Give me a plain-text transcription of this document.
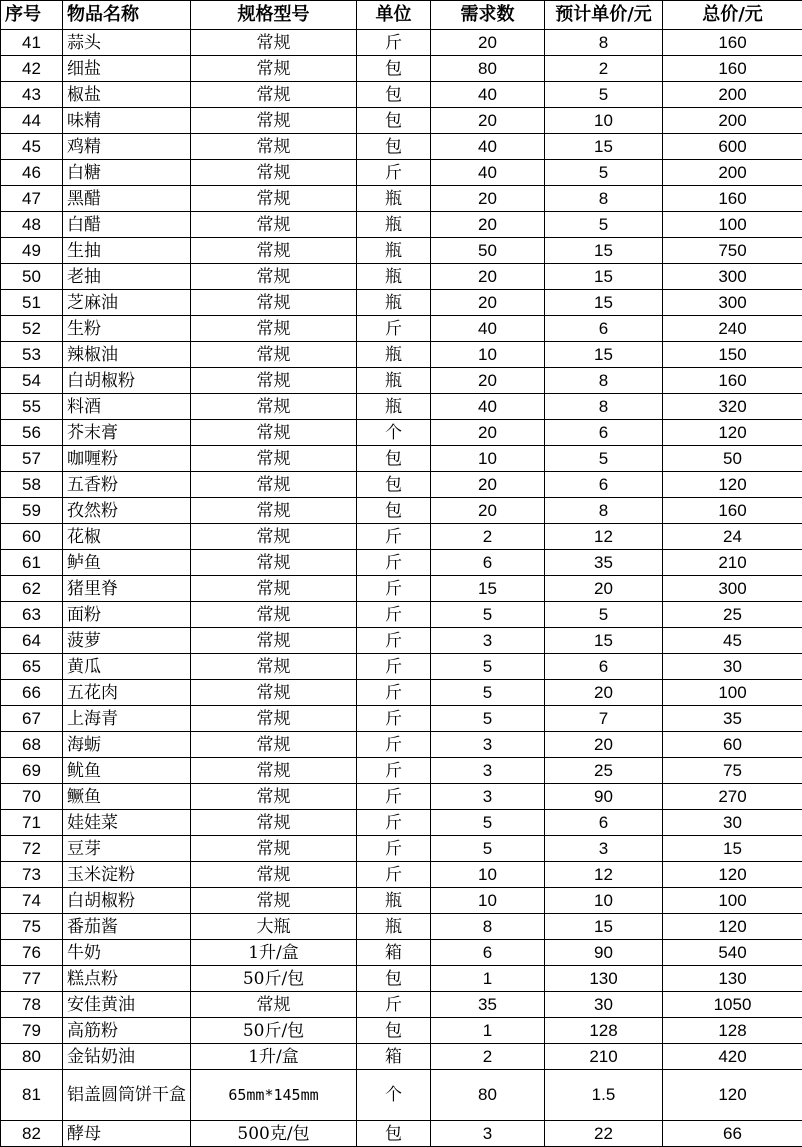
序号	物品名称	规格型号	单位	需求数	预计单价/元	总价/元
41	蒜头	常规	斤	20	8	160
42	细盐	常规	包	80	2	160
43	椒盐	常规	包	40	5	200
44	味精	常规	包	20	10	200
45	鸡精	常规	包	40	15	600
46	白糖	常规	斤	40	5	200
47	黑醋	常规	瓶	20	8	160
48	白醋	常规	瓶	20	5	100
49	生抽	常规	瓶	50	15	750
50	老抽	常规	瓶	20	15	300
51	芝麻油	常规	瓶	20	15	300
52	生粉	常规	斤	40	6	240
53	辣椒油	常规	瓶	10	15	150
54	白胡椒粉	常规	瓶	20	8	160
55	料酒	常规	瓶	40	8	320
56	芥末膏	常规	个	20	6	120
57	咖喱粉	常规	包	10	5	50
58	五香粉	常规	包	20	6	120
59	孜然粉	常规	包	20	8	160
60	花椒	常规	斤	2	12	24
61	鲈鱼	常规	斤	6	35	210
62	猪里脊	常规	斤	15	20	300
63	面粉	常规	斤	5	5	25
64	菠萝	常规	斤	3	15	45
65	黄瓜	常规	斤	5	6	30
66	五花肉	常规	斤	5	20	100
67	上海青	常规	斤	5	7	35
68	海蛎	常规	斤	3	20	60
69	鱿鱼	常规	斤	3	25	75
70	鳜鱼	常规	斤	3	90	270
71	娃娃菜	常规	斤	5	6	30
72	豆芽	常规	斤	5	3	15
73	玉米淀粉	常规	斤	10	12	120
74	白胡椒粉	常规	瓶	10	10	100
75	番茄酱	大瓶	瓶	8	15	120
76	牛奶	1升/盒	箱	6	90	540
77	糕点粉	50斤/包	包	1	130	130
78	安佳黄油	常规	斤	35	30	1050
79	高筋粉	50斤/包	包	1	128	128
80	金钻奶油	1升/盒	箱	2	210	420
81	铝盖圆筒饼干盒	65mm*145mm	个	80	1.5	120
82	酵母	500克/包	包	3	22	66
